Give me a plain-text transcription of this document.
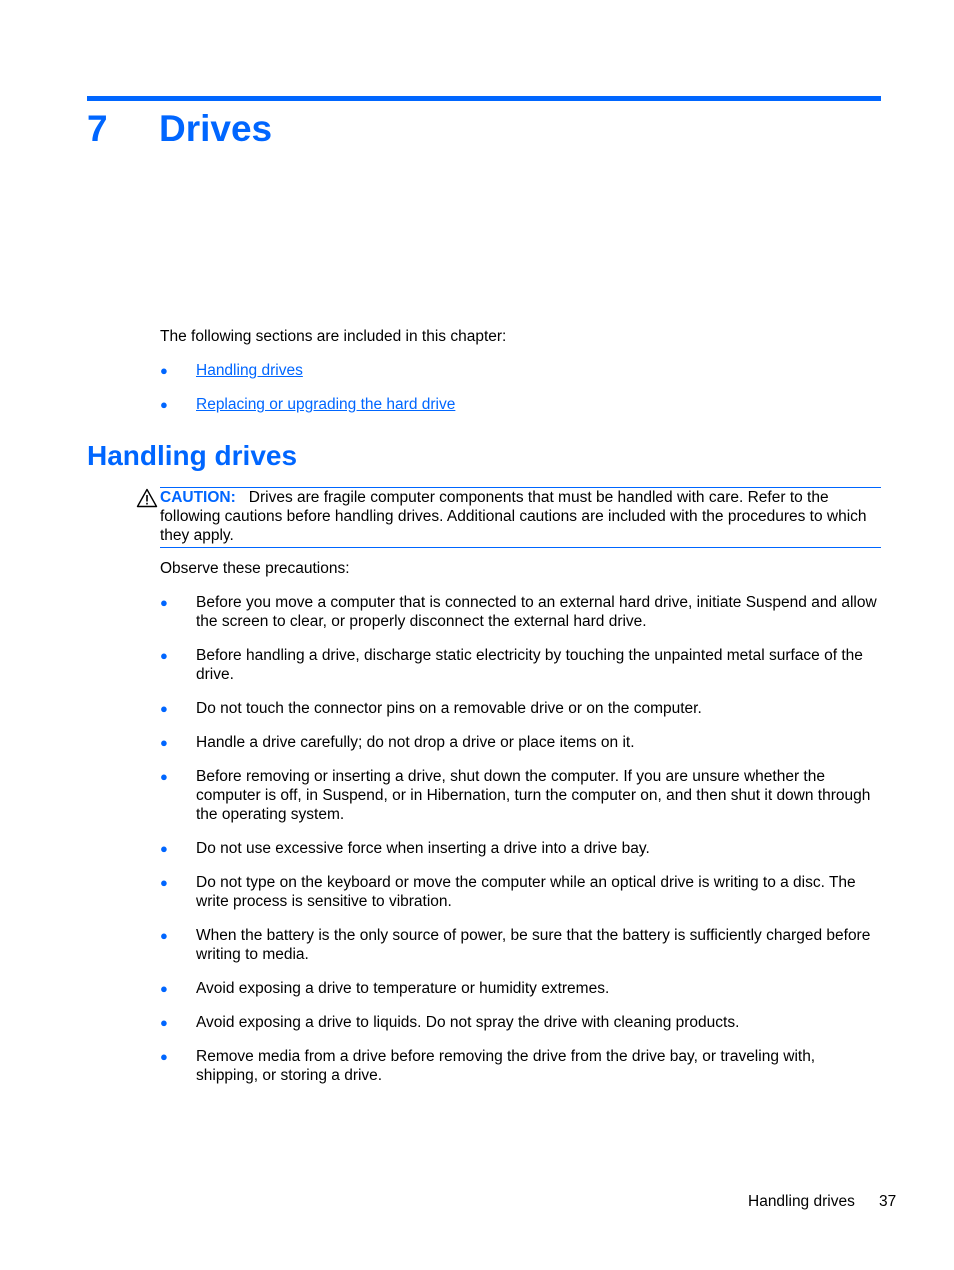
7 Drives

The following sections are included in this chapter:

●	Handling drives
●	Replacing or upgrading the hard drive
Handling drives
CAUTION: Drives are fragile computer components that must be handled with care. Refer to the following cautions before handling drives. Additional cautions are included with the procedures to which they apply.

Observe these precautions:

●	Before you move a computer that is connected to an external hard drive, initiate Suspend and allow the screen to clear, or properly disconnect the external hard drive.
●	Before handling a drive, discharge static electricity by touching the unpainted metal surface of the drive.
●	Do not touch the connector pins on a removable drive or on the computer.
●	Handle a drive carefully; do not drop a drive or place items on it.
●	Before removing or inserting a drive, shut down the computer. If you are unsure whether the computer is off, in Suspend, or in Hibernation, turn the computer on, and then shut it down through the operating system.
●	Do not use excessive force when inserting a drive into a drive bay.
●	Do not type on the keyboard or move the computer while an optical drive is writing to a disc. The write process is sensitive to vibration.
●	When the battery is the only source of power, be sure that the battery is sufficiently charged before writing to media.
●	Avoid exposing a drive to temperature or humidity extremes.
●	Avoid exposing a drive to liquids. Do not spray the drive with cleaning products.
●	Remove media from a drive before removing the drive from the drive bay, or traveling with, shipping, or storing a drive.
Handling drives 37
